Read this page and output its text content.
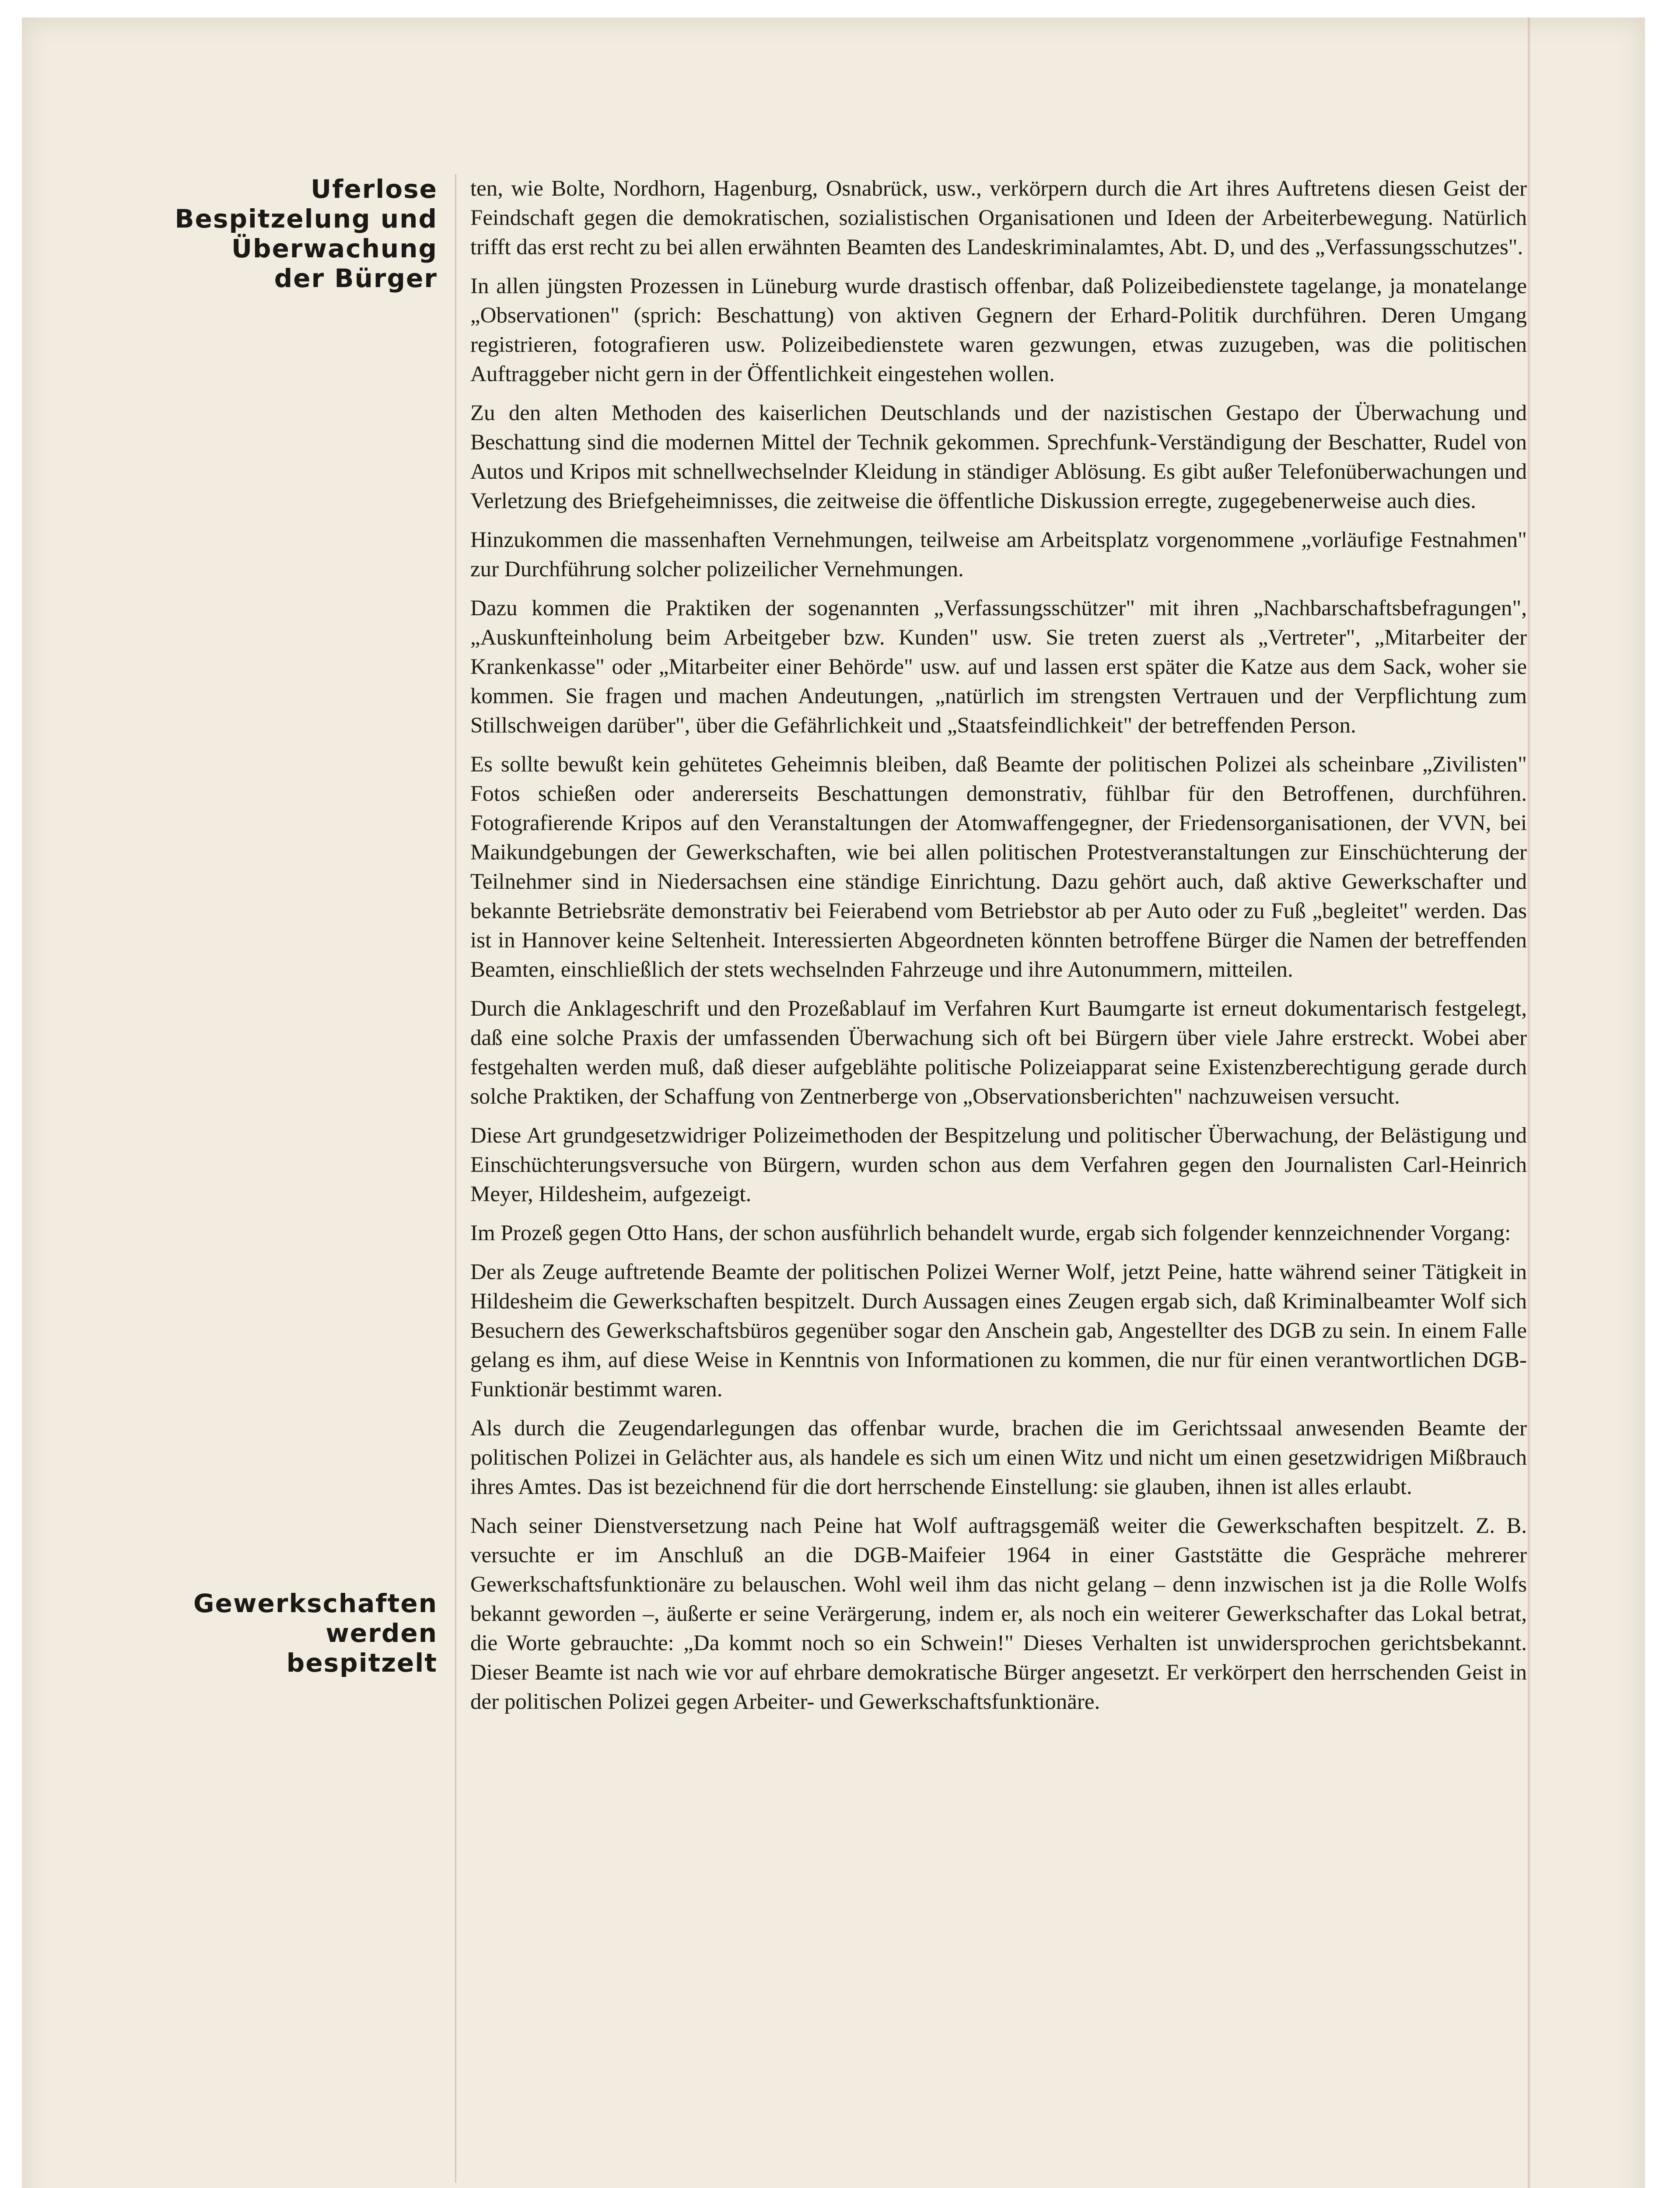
Uferlose
Bespitzelung und
Überwachung
der Bürger
Gewerkschaften
werden
bespitzelt

ten, wie Bolte, Nordhorn, Hagenburg, Osnabrück, usw., verkörpern durch die Art ihres Auftretens diesen Geist der Feindschaft gegen die demokratischen, sozialistischen Organisationen und Ideen der Arbeiterbewegung. Natürlich trifft das erst recht zu bei allen erwähnten Beamten des Landeskriminalamtes, Abt. D, und des „Verfassungsschutzes".

In allen jüngsten Prozessen in Lüneburg wurde drastisch offenbar, daß Polizeibedienstete tagelange, ja monatelange „Observationen" (sprich: Beschattung) von aktiven Gegnern der Erhard-Politik durchführen. Deren Umgang registrieren, fotografieren usw. Polizeibedienstete waren gezwungen, etwas zuzugeben, was die politischen Auftraggeber nicht gern in der Öffentlichkeit eingestehen wollen.

Zu den alten Methoden des kaiserlichen Deutschlands und der nazistischen Gestapo der Überwachung und Beschattung sind die modernen Mittel der Technik gekommen. Sprechfunk-Verständigung der Beschatter, Rudel von Autos und Kripos mit schnellwechselnder Kleidung in ständiger Ablösung. Es gibt außer Telefonüberwachungen und Verletzung des Briefgeheimnisses, die zeitweise die öffentliche Diskussion erregte, zugegebenerweise auch dies.

Hinzukommen die massenhaften Vernehmungen, teilweise am Arbeitsplatz vorgenommene „vorläufige Festnahmen" zur Durchführung solcher polizeilicher Vernehmungen.

Dazu kommen die Praktiken der sogenannten „Verfassungsschützer" mit ihren „Nachbarschaftsbefragungen", „Auskunfteinholung beim Arbeitgeber bzw. Kunden" usw. Sie treten zuerst als „Vertreter", „Mitarbeiter der Krankenkasse" oder „Mitarbeiter einer Behörde" usw. auf und lassen erst später die Katze aus dem Sack, woher sie kommen. Sie fragen und machen Andeutungen, „natürlich im strengsten Vertrauen und der Verpflichtung zum Stillschweigen darüber", über die Gefährlichkeit und „Staatsfeindlichkeit" der betreffenden Person.

Es sollte bewußt kein gehütetes Geheimnis bleiben, daß Beamte der politischen Polizei als scheinbare „Zivilisten" Fotos schießen oder andererseits Beschattungen demonstrativ, fühlbar für den Betroffenen, durchführen. Fotografierende Kripos auf den Veranstaltungen der Atomwaffengegner, der Friedensorganisationen, der VVN, bei Maikundgebungen der Gewerkschaften, wie bei allen politischen Protestveranstaltungen zur Einschüchterung der Teilnehmer sind in Niedersachsen eine ständige Einrichtung. Dazu gehört auch, daß aktive Gewerkschafter und bekannte Betriebsräte demonstrativ bei Feierabend vom Betriebstor ab per Auto oder zu Fuß „begleitet" werden. Das ist in Hannover keine Seltenheit. Interessierten Abgeordneten könnten betroffene Bürger die Namen der betreffenden Beamten, einschließlich der stets wechselnden Fahrzeuge und ihre Autonummern, mitteilen.

Durch die Anklageschrift und den Prozeßablauf im Verfahren Kurt Baumgarte ist erneut dokumentarisch festgelegt, daß eine solche Praxis der umfassenden Überwachung sich oft bei Bürgern über viele Jahre erstreckt. Wobei aber festgehalten werden muß, daß dieser aufgeblähte politische Polizeiapparat seine Existenzberechtigung gerade durch solche Praktiken, der Schaffung von Zentnerberge von „Observationsberichten" nachzuweisen versucht.

Diese Art grundgesetzwidriger Polizeimethoden der Bespitzelung und politischer Überwachung, der Belästigung und Einschüchterungsversuche von Bürgern, wurden schon aus dem Verfahren gegen den Journalisten Carl-Heinrich Meyer, Hildesheim, aufgezeigt.

Im Prozeß gegen Otto Hans, der schon ausführlich behandelt wurde, ergab sich folgender kennzeichnender Vorgang:

Der als Zeuge auftretende Beamte der politischen Polizei Werner Wolf, jetzt Peine, hatte während seiner Tätigkeit in Hildesheim die Gewerkschaften bespitzelt. Durch Aussagen eines Zeugen ergab sich, daß Kriminalbeamter Wolf sich Besuchern des Gewerkschaftsbüros gegenüber sogar den Anschein gab, Angestellter des DGB zu sein. In einem Falle gelang es ihm, auf diese Weise in Kenntnis von Informationen zu kommen, die nur für einen verantwortlichen DGB-Funktionär bestimmt waren.

Als durch die Zeugendarlegungen das offenbar wurde, brachen die im Gerichtssaal anwesenden Beamte der politischen Polizei in Gelächter aus, als handele es sich um einen Witz und nicht um einen gesetzwidrigen Mißbrauch ihres Amtes. Das ist bezeichnend für die dort herrschende Einstellung: sie glauben, ihnen ist alles erlaubt.

Nach seiner Dienstversetzung nach Peine hat Wolf auftragsgemäß weiter die Gewerkschaften bespitzelt. Z. B. versuchte er im Anschluß an die DGB-Maifeier 1964 in einer Gaststätte die Gespräche mehrerer Gewerkschaftsfunktionäre zu belauschen. Wohl weil ihm das nicht gelang – denn inzwischen ist ja die Rolle Wolfs bekannt geworden –, äußerte er seine Verärgerung, indem er, als noch ein weiterer Gewerkschafter das Lokal betrat, die Worte gebrauchte: „Da kommt noch so ein Schwein!" Dieses Verhalten ist unwidersprochen gerichtsbekannt. Dieser Beamte ist nach wie vor auf ehrbare demokratische Bürger angesetzt. Er verkörpert den herrschenden Geist in der politischen Polizei gegen Arbeiter- und Gewerkschaftsfunktionäre.
